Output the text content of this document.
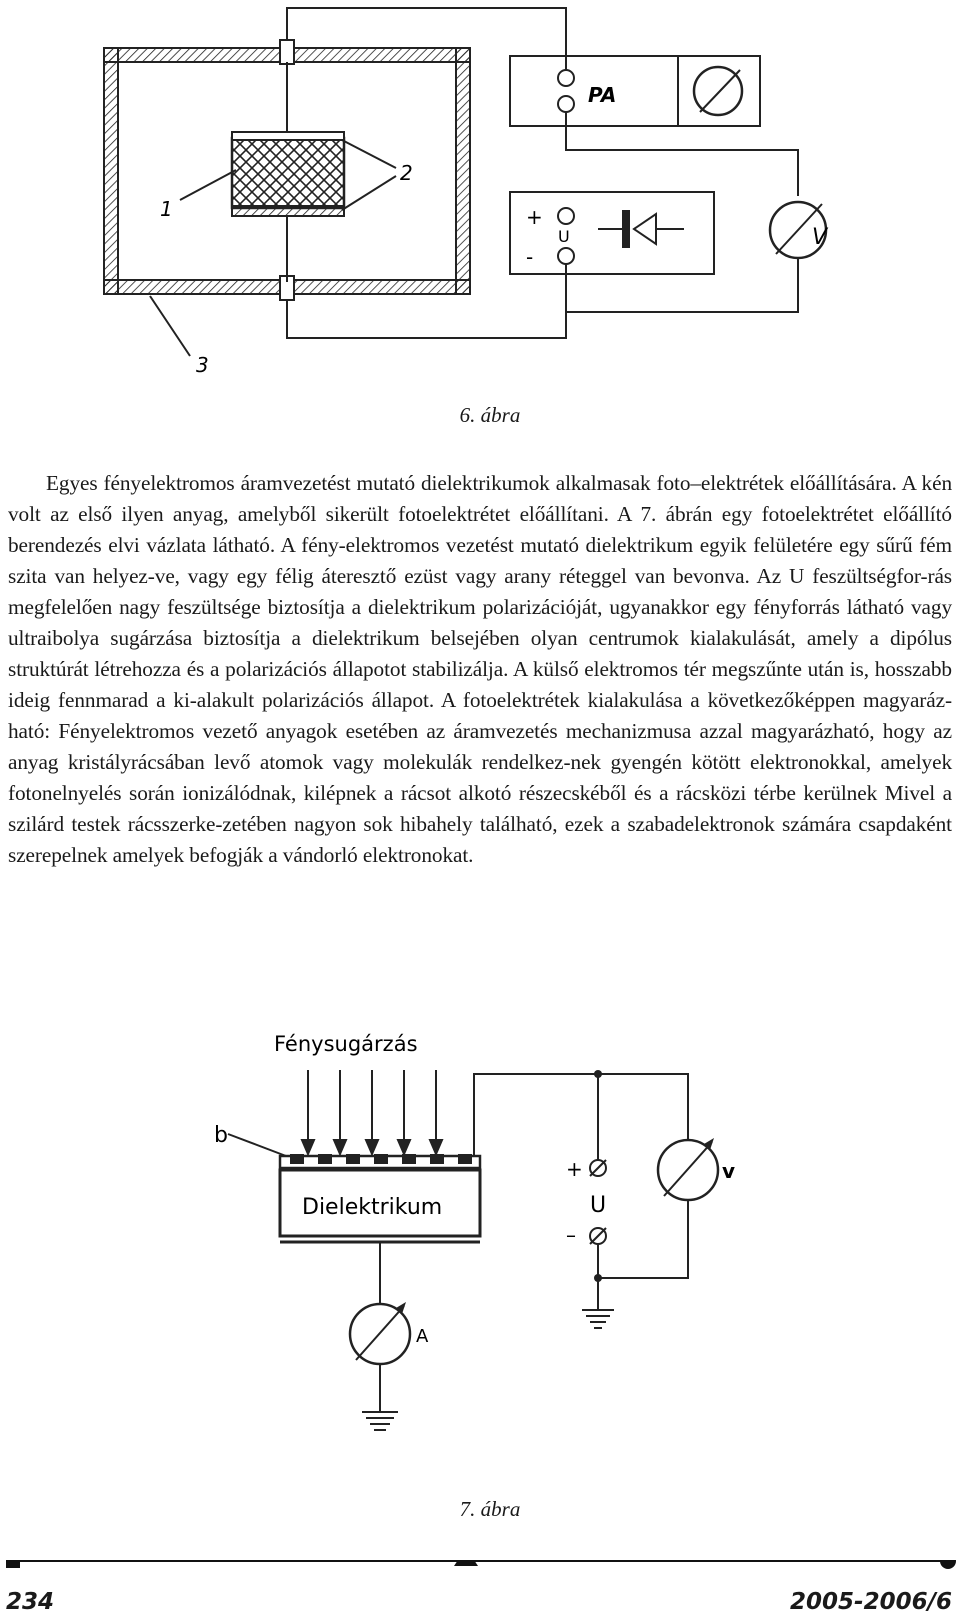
1
2
3
PA
+
U
-
V
6. ábra

Egyes fényelektromos áramvezetést mutató dielektrikumok alkalmasak foto–elektrétek előállítására. A kén volt az első ilyen anyag, amelyből sikerült fotoelektrétet előállítani. A 7. ábrán egy fotoelektrétet előállító berendezés elvi vázlata látható. A fény-elektromos vezetést mutató dielektrikum egyik felületére egy sűrű fém szita van helyez-ve, vagy egy félig áteresztő ezüst vagy arany réteggel van bevonva. Az U feszültségfor-rás megfelelően nagy feszültsége biztosítja a dielektrikum polarizációját, ugyanakkor egy fényforrás látható vagy ultraibolya sugárzása biztosítja a dielektrikum belsejében olyan centrumok kialakulását, amely a dipólus struktúrát létrehozza és a polarizációs állapotot stabilizálja. A külső elektromos tér megszűnte után is, hosszabb ideig fennmarad a ki-alakult polarizációs állapot. A fotoelektrétek kialakulása a következőképpen magyaráz-ható: Fényelektromos vezető anyagok esetében az áramvezetés mechanizmusa azzal magyarázható, hogy az anyag kristályrácsában levő atomok vagy molekulák rendelkez-nek gyengén kötött elektronokkal, amelyek fotonelnyelés során ionizálódnak, kilépnek a rácsot alkotó részecskéből és a rácsközi térbe kerülnek Mivel a szilárd testek rácsszerke-zetében nagyon sok hibahely található, ezek a szabadelektronok számára csapdaként szerepelnek amelyek befogják a vándorló elektronokat.

Fénysugárzás
b
Dielektrikum
+
U
–
v
A
7. ábra
234	2005-2006/6
